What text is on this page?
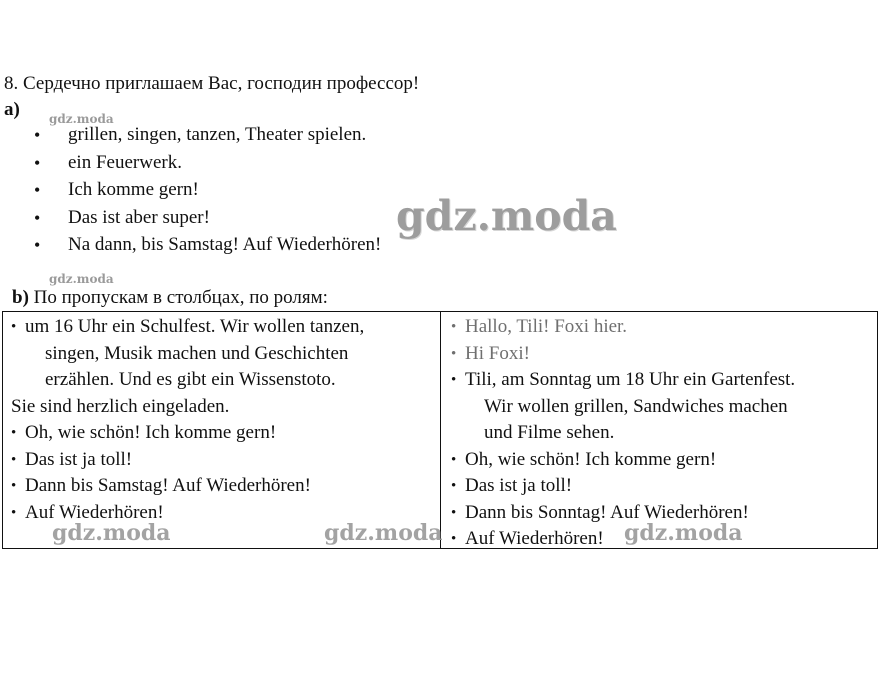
8. Сердечно приглашаем Вас, господин профессор!
a)
• grillen, singen, tanzen, Theater spielen.
• ein Feuerwerk.
• Ich komme gern!
• Das ist aber super!
• Na dann, bis Samstag! Auf Wiederhören!
b) По пропускам в столбцах, по ролям:
• um 16 Uhr ein Schulfest. Wir wollen tanzen,
singen, Musik machen und Geschichten
erzählen. Und es gibt ein Wissenstoto.
Sie sind herzlich eingeladen.
• Oh, wie schön! Ich komme gern!
• Das ist ja toll!
• Dann bis Samstag! Auf Wiederhören!
• Auf Wiederhören!
• Hallo, Tili! Foxi hier.
• Hi Foxi!
• Tili, am Sonntag um 18 Uhr ein Gartenfest.
Wir wollen grillen, Sandwiches machen
und Filme sehen.
• Oh, wie schön! Ich komme gern!
• Das ist ja toll!
• Dann bis Sonntag! Auf Wiederhören!
• Auf Wiederhören!
gdz.moda
gdz.moda
gdz.moda
gdz.moda	gdz.moda	gdz.moda
